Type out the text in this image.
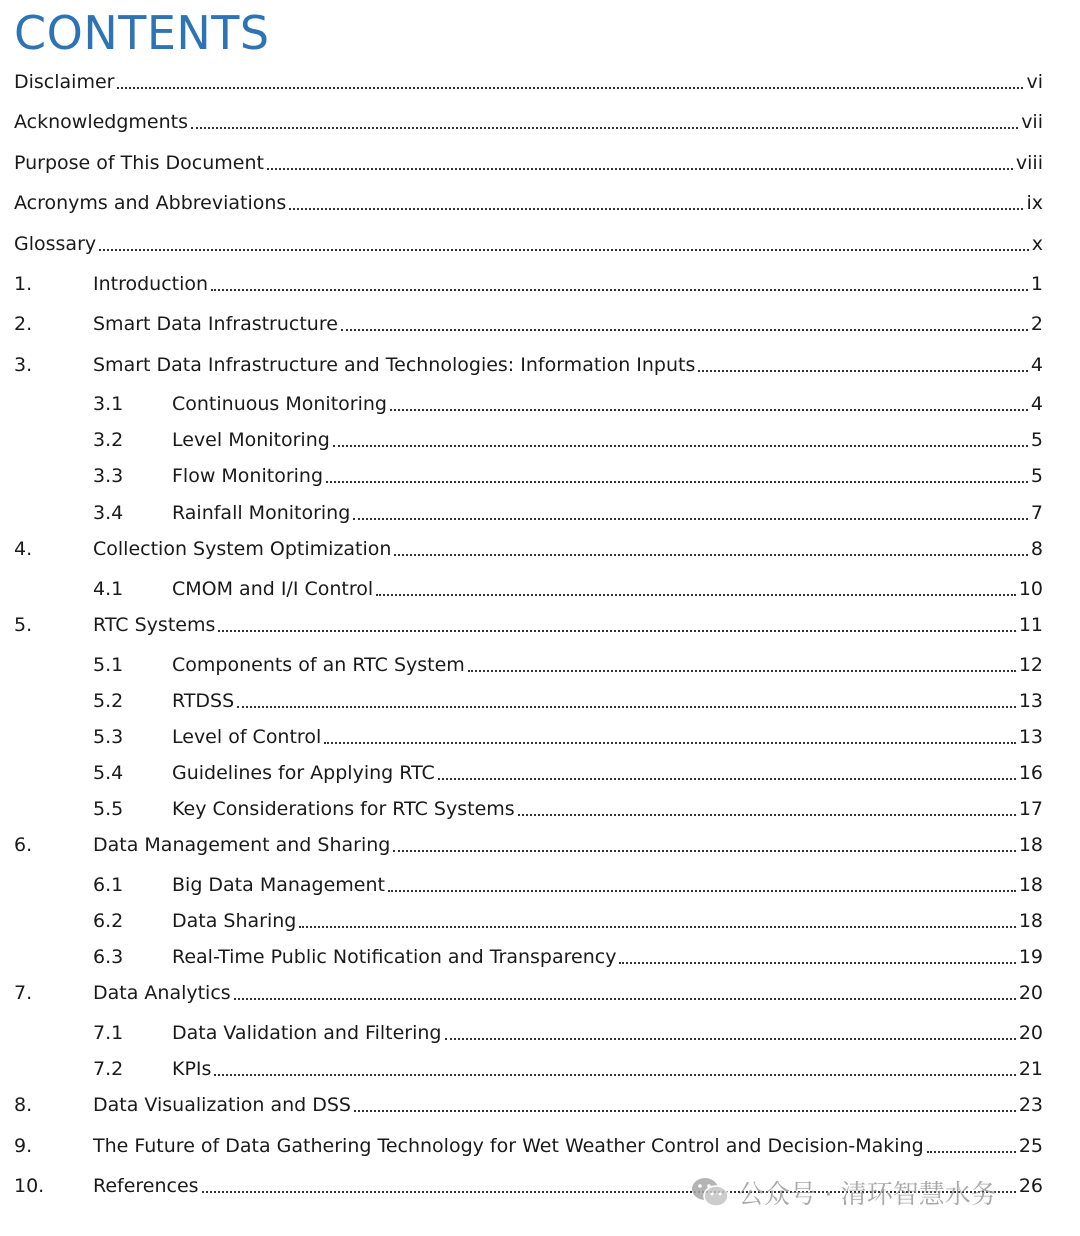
CONTENTS
Disclaimer	vi
Acknowledgments	vii
Purpose of This Document	viii
Acronyms and Abbreviations	ix
Glossary	x
1.	Introduction	1
2.	Smart Data Infrastructure	2
3.	Smart Data Infrastructure and Technologies: Information Inputs	4
3.1	Continuous Monitoring	4
3.2	Level Monitoring	5
3.3	Flow Monitoring	5
3.4	Rainfall Monitoring	7
4.	Collection System Optimization	8
4.1	CMOM and I/I Control	10
5.	RTC Systems	11
5.1	Components of an RTC System	12
5.2	RTDSS	13
5.3	Level of Control	13
5.4	Guidelines for Applying RTC	16
5.5	Key Considerations for RTC Systems	17
6.	Data Management and Sharing	18
6.1	Big Data Management	18
6.2	Data Sharing	18
6.3	Real-Time Public Notification and Transparency	19
7.	Data Analytics	20
7.1	Data Validation and Filtering	20
7.2	KPIs	21
8.	Data Visualization and DSS	23
9.	The Future of Data Gathering Technology for Wet Weather Control and Decision-Making	25
10.	References	26
公众号 · 清环智慧水务
